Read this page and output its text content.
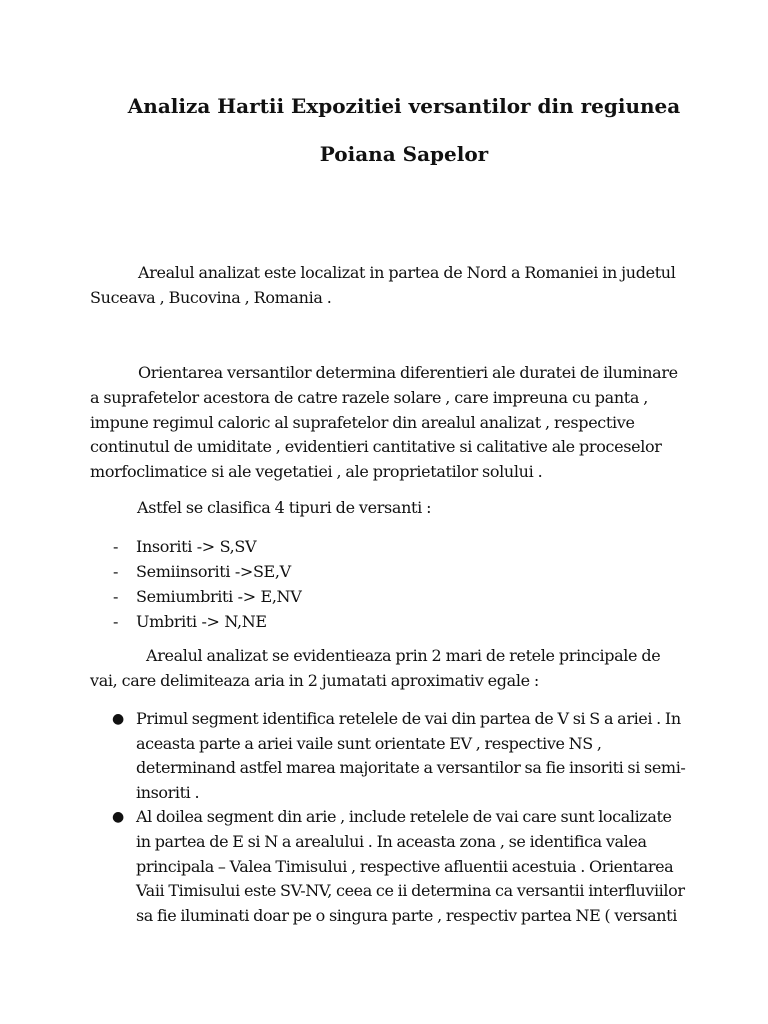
Analiza Hartii Expozitiei versantilor din regiunea
Poiana Sapelor

Arealul analizat este localizat in partea de Nord a Romaniei in judetul Suceava , Bucovina , Romania .

Orientarea versantilor determina diferentieri ale duratei de iluminare a suprafetelor acestora de catre razele solare , care impreuna cu panta , impune regimul caloric al suprafetelor din arealul analizat , respective continutul de umiditate , evidentieri cantitative si calitative ale proceselor morfoclimatice si ale vegetatiei , ale proprietatilor solului .

Astfel se clasifica 4 tipuri de versanti :

- Insoriti -> S,SV
- Semiinsoriti ->SE,V
- Semiumbriti -> E,NV
- Umbriti -> N,NE

Arealul analizat se evidentieaza prin 2 mari de retele principale de vai, care delimiteaza aria in 2 jumatati aproximativ egale :

● Primul segment identifica retelele de vai din partea de V si S a ariei . In aceasta parte a ariei vaile sunt orientate EV , respective NS , determinand astfel marea majoritate a versantilor sa fie insoriti si semi-insoriti .
● Al doilea segment din arie , include retelele de vai care sunt localizate in partea de E si N a arealului . In aceasta zona , se identifica valea principala – Valea Timisului , respective afluentii acestuia . Orientarea Vaii Timisului este SV-NV, ceea ce ii determina ca versantii interfluviilor sa fie iluminati doar pe o singura parte , respectiv partea NE ( versanti
